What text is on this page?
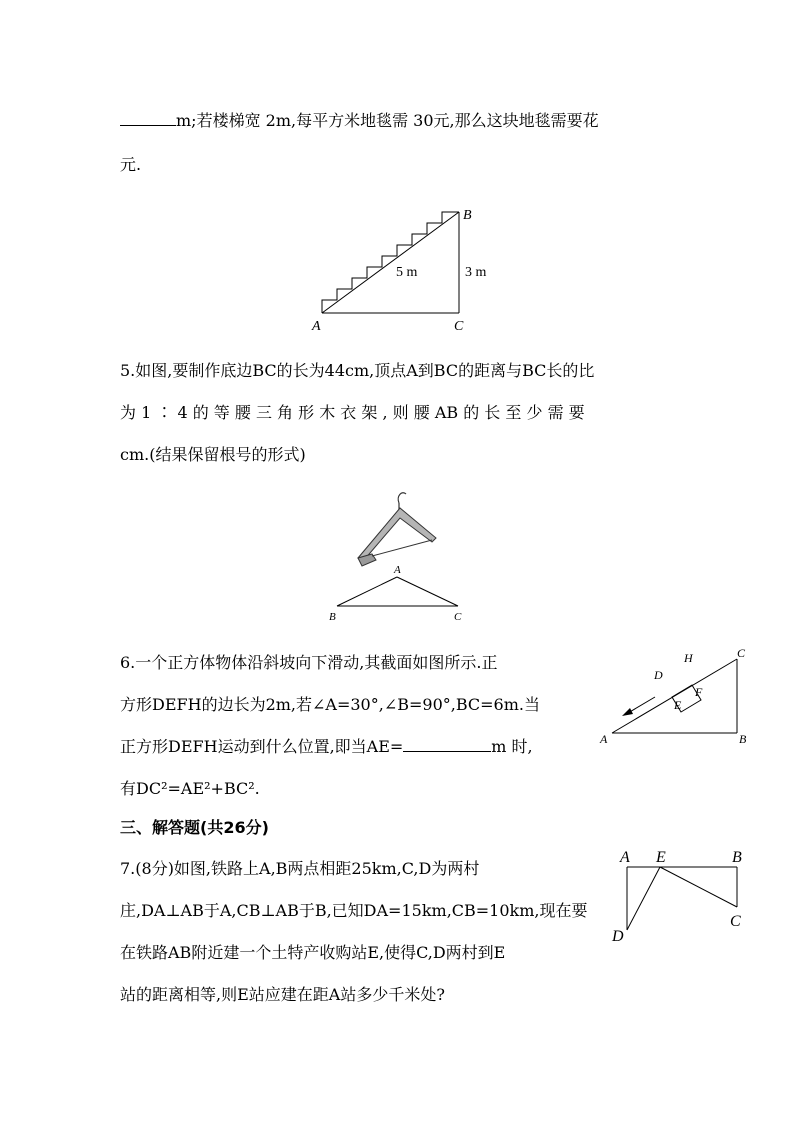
m;若楼梯宽 2m,每平方米地毯需 30元,那么这块地毯需要花
元.
A
B
C
5 m	3 m
5.如图,要制作底边BC的长为44cm,顶点A到BC的距离与BC长的比
为 1 ∶ 4 的 等 腰 三 角 形 木 衣 架 , 则 腰 AB 的 长 至 少 需 要
cm.(结果保留根号的形式)
A
B	C
6.一个正方体物体沿斜坡向下滑动,其截面如图所示.正
方形DEFH的边长为2m,若∠A=30°,∠B=90°,BC=6m.当
正方形DEFH运动到什么位置,即当AE=	m 时,
有DC²=AE²+BC².
A	B
C
D
E
F
H
三、解答题(共26分)
7.(8分)如图,铁路上A,B两点相距25km,C,D为两村
庄,DA⊥AB于A,CB⊥AB于B,已知DA=15km,CB=10km,现在要
在铁路AB附近建一个土特产收购站E,使得C,D两村到E
站的距离相等,则E站应建在距A站多少千米处?
A E	B
C
D
